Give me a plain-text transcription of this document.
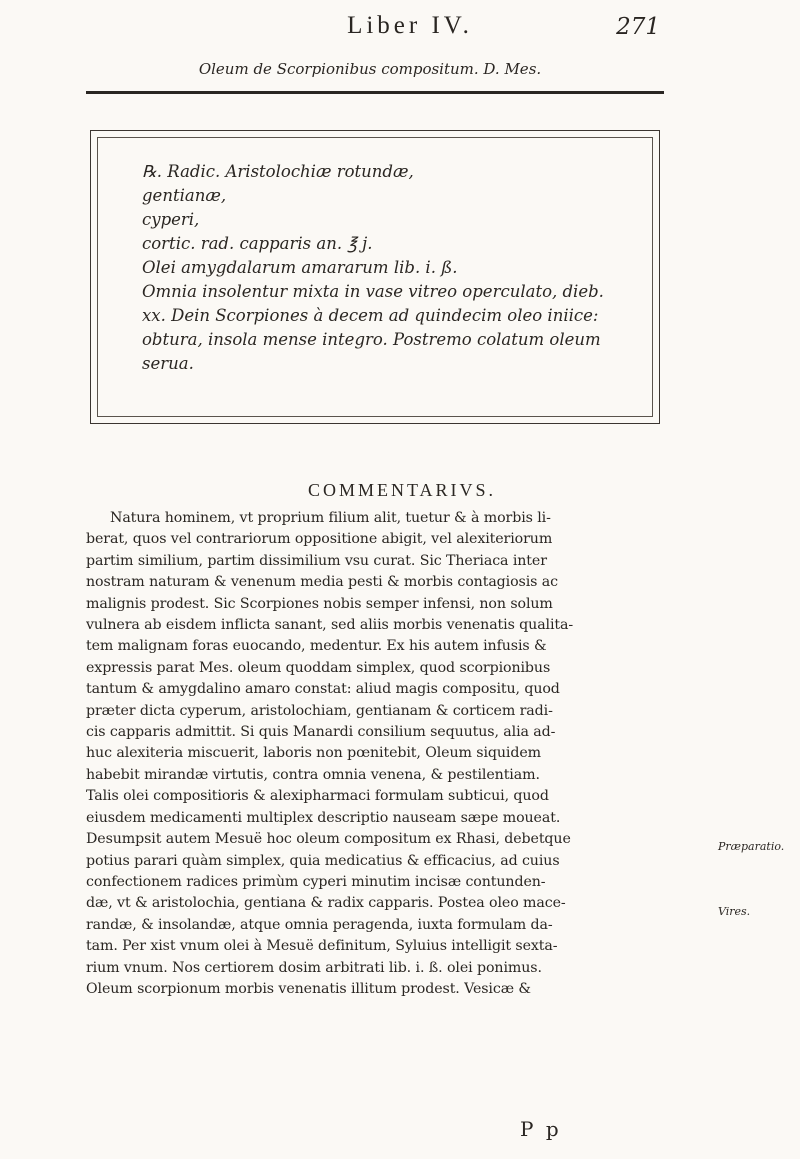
Liber IV.	271
Oleum de Scorpionibus compositum. D. Mes.
℞. Radic. Aristolochiæ rotundæ,
gentianæ,
cyperi,
cortic. rad. capparis an. ℥ j.
Olei amygdalarum amararum lib. i. ß.
Omnia insolentur mixta in vase vitreo operculato, dieb.
xx. Dein Scorpiones à decem ad quindecim oleo iniice:
obtura, insola mense integro. Postremo colatum oleum
serua.
COMMENTARIVS.
Natura hominem, vt proprium filium alit, tuetur & à morbis li-
berat, quos vel contrariorum oppositione abigit, vel alexiteriorum
partim similium, partim dissimilium vsu curat. Sic Theriaca inter
nostram naturam & venenum media pesti & morbis contagiosis ac
malignis prodest. Sic Scorpiones nobis semper infensi, non solum
vulnera ab eisdem inflicta sanant, sed aliis morbis venenatis qualita-
tem malignam foras euocando, medentur. Ex his autem infusis &
expressis parat Mes. oleum quoddam simplex, quod scorpionibus
tantum & amygdalino amaro constat: aliud magis compositu, quod
præter dicta cyperum, aristolochiam, gentianam & corticem radi-
cis capparis admittit. Si quis Manardi consilium sequutus, alia ad-
huc alexiteria miscuerit, laboris non pœnitebit, Oleum siquidem
habebit mirandæ virtutis, contra omnia venena, & pestilentiam.
Talis olei compositioris & alexipharmaci formulam subticui, quod
eiusdem medicamenti multiplex descriptio nauseam sæpe moueat.
Desumpsit autem Mesuë hoc oleum compositum ex Rhasi, debetque
potius parari quàm simplex, quia medicatius & efficacius, ad cuius
confectionem radices primùm cyperi minutim incisæ contunden-
dæ, vt & aristolochia, gentiana & radix capparis. Postea oleo mace-
randæ, & insolandæ, atque omnia peragenda, iuxta formulam da-
tam. Per xist vnum olei à Mesuë definitum, Syluius intelligit sexta-
rium vnum. Nos certiorem dosim arbitrati lib. i. ß. olei ponimus.
Oleum scorpionum morbis venenatis illitum prodest. Vesicæ &
Præparatio.
Vires.
P p
